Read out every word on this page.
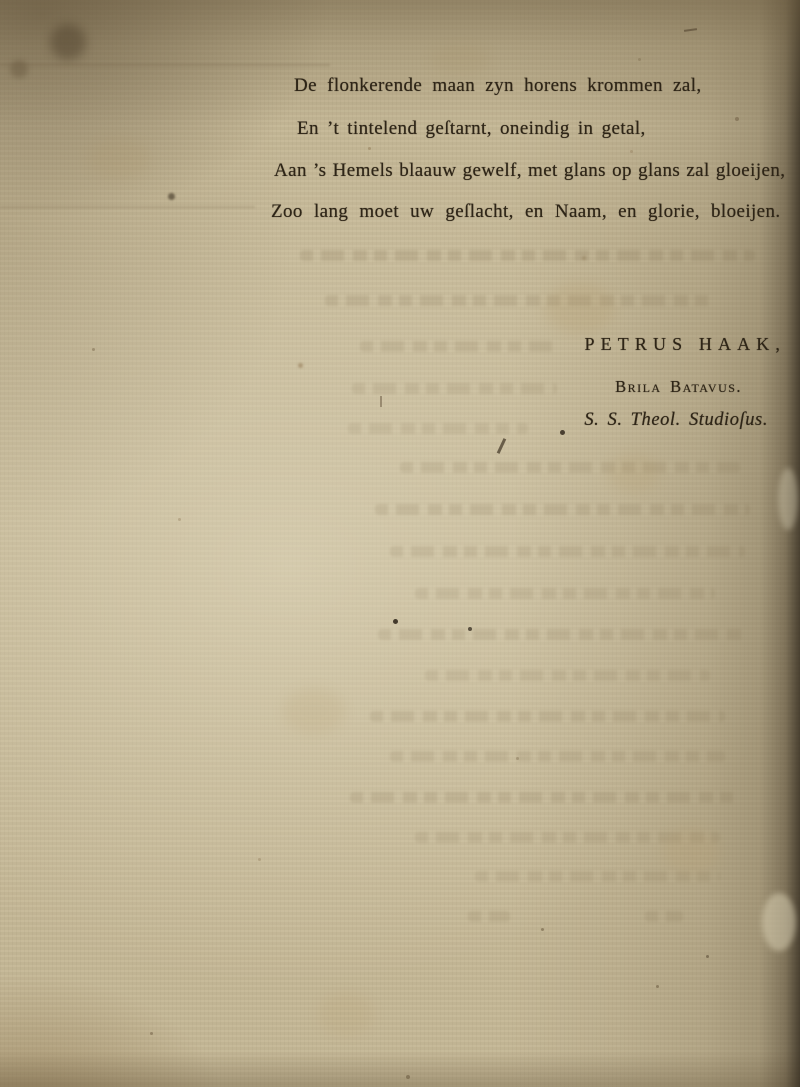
De flonkerende maan zyn horens krommen zal,
En ’t tintelend geſtarnt, oneindig in getal,
Aan ’s Hemels blaauw gewelf, met glans op glans zal gloeijen,
Zoo lang moet uw geſlacht, en Naam, en glorie, bloeijen.
PETRUS HAAK,
Brila Batavus.
S. S. Theol. Studioſus.
